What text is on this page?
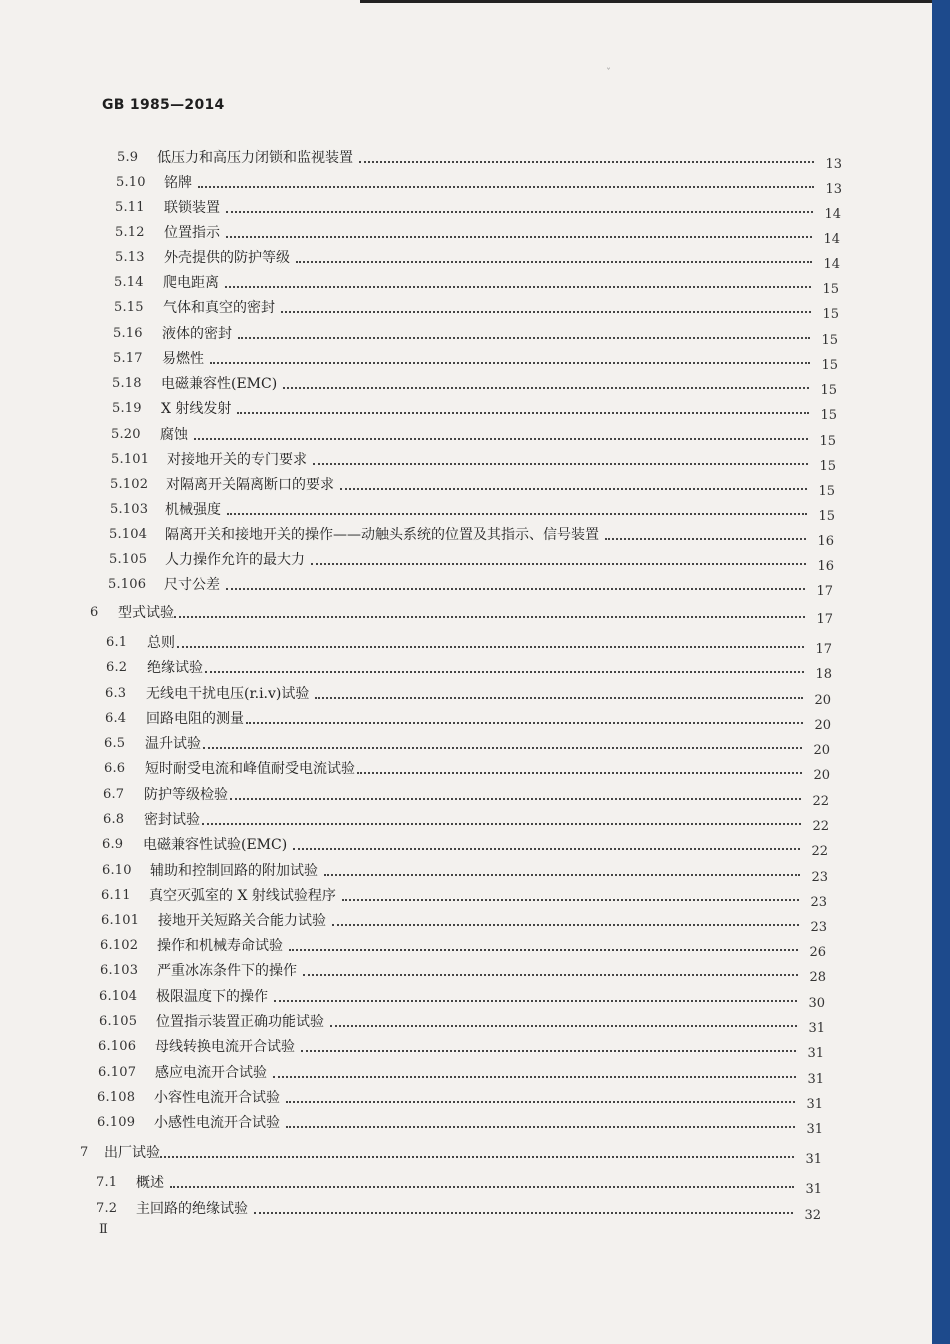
ˇ
GB 1985—2014
5.9	低压力和高压力闭锁和监视装置	13
5.10	铭牌	13
5.11	联锁装置	14
5.12	位置指示	14
5.13	外壳提供的防护等级	14
5.14	爬电距离	15
5.15	气体和真空的密封	15
5.16	液体的密封	15
5.17	易燃性	15
5.18	电磁兼容性(EMC)	15
5.19	X 射线发射	15
5.20	腐蚀	15
5.101	对接地开关的专门要求	15
5.102	对隔离开关隔离断口的要求	15
5.103	机械强度	15
5.104	隔离开关和接地开关的操作——动触头系统的位置及其指示、信号装置	16
5.105	人力操作允许的最大力	16
5.106	尺寸公差	17
6	型式试验	17
6.1	总则	17
6.2	绝缘试验	18
6.3	无线电干扰电压(r.i.v)试验	20
6.4	回路电阻的测量	20
6.5	温升试验	20
6.6	短时耐受电流和峰值耐受电流试验	20
6.7	防护等级检验	22
6.8	密封试验	22
6.9	电磁兼容性试验(EMC)	22
6.10	辅助和控制回路的附加试验	23
6.11	真空灭弧室的 X 射线试验程序	23
6.101	接地开关短路关合能力试验	23
6.102	操作和机械寿命试验	26
6.103	严重冰冻条件下的操作	28
6.104	极限温度下的操作	30
6.105	位置指示装置正确功能试验	31
6.106	母线转换电流开合试验	31
6.107	感应电流开合试验	31
6.108	小容性电流开合试验	31
6.109	小感性电流开合试验	31
7	出厂试验	31
7.1	概述	31
7.2	主回路的绝缘试验	32
Ⅱ
